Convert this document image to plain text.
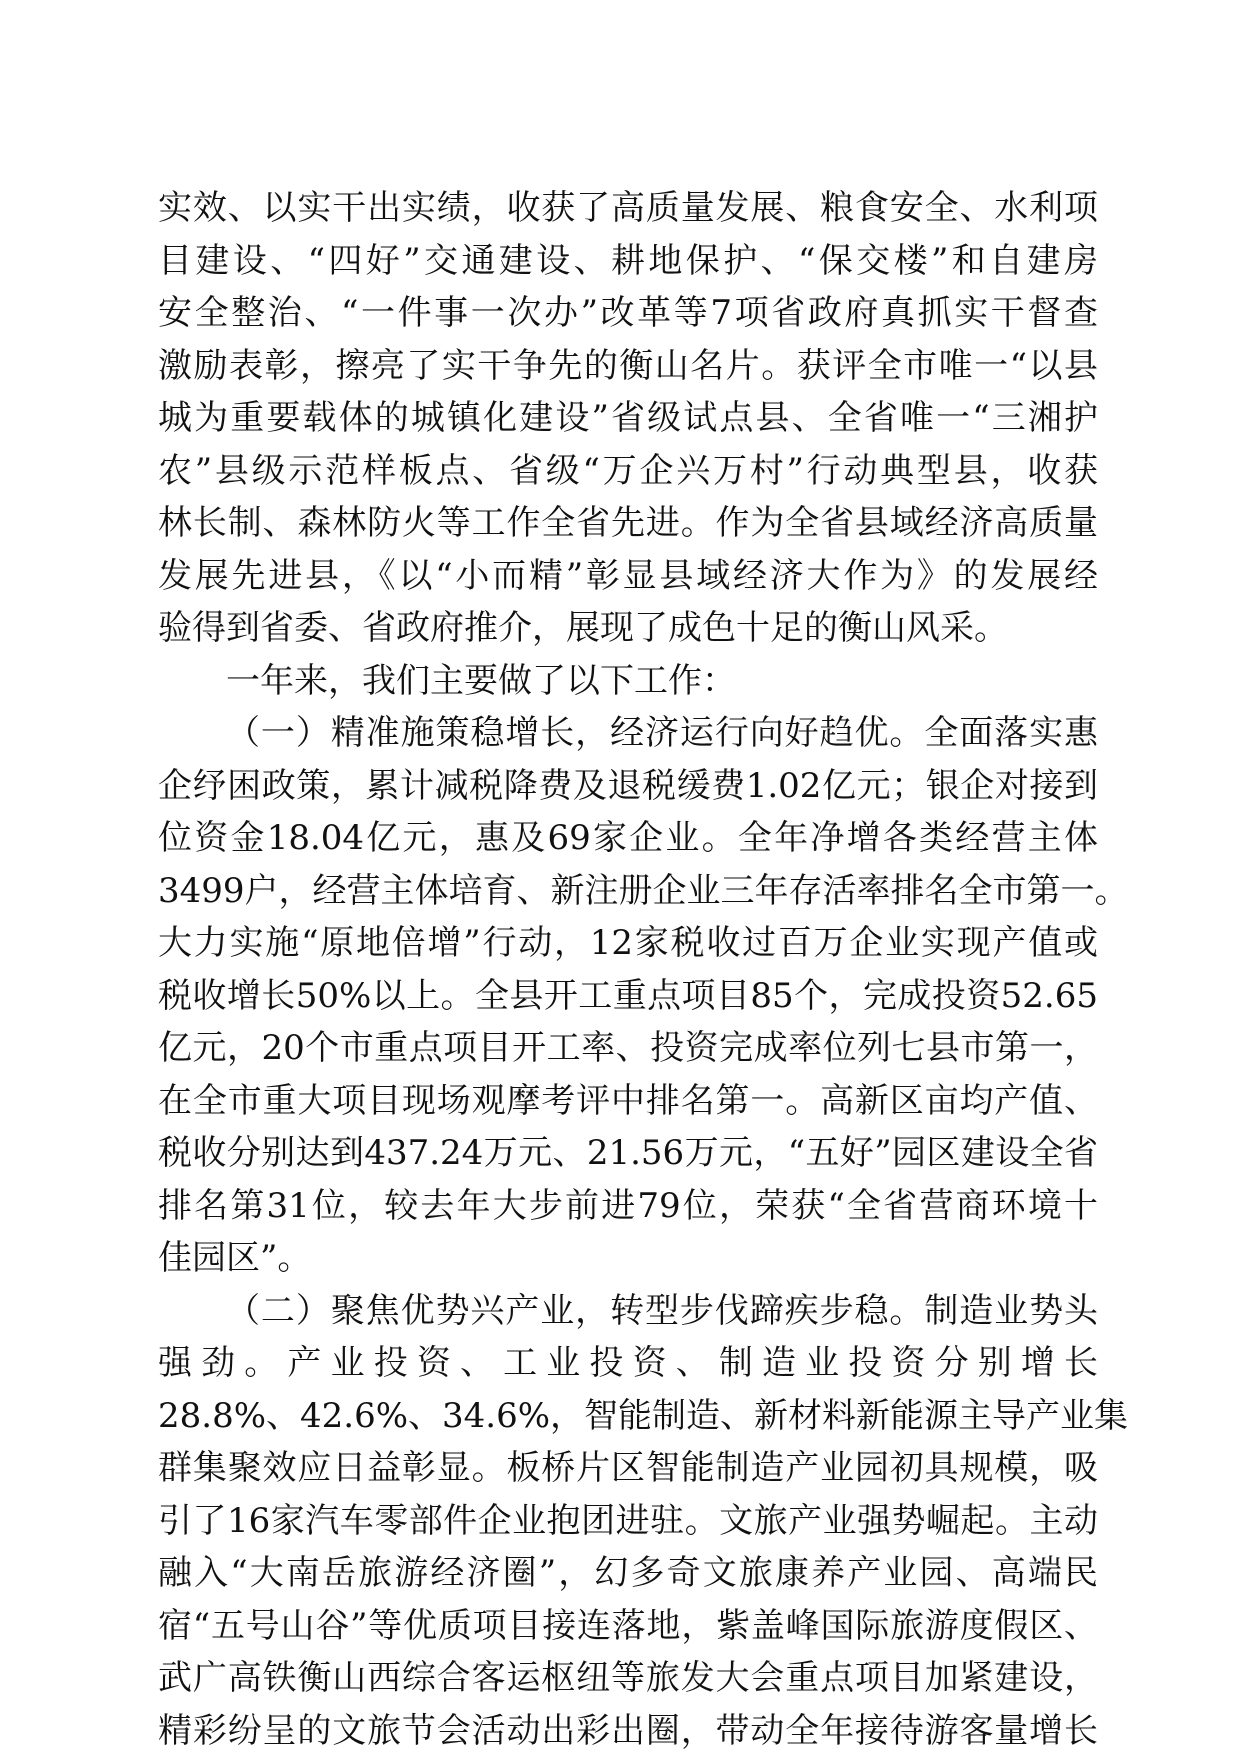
实效、以实干出实绩，收获了高质量发展、粮食安全、水利项
目建设、“四好”交通建设、耕地保护、“保交楼”和自建房
安全整治、“一件事一次办”改革等7项省政府真抓实干督查
激励表彰，擦亮了实干争先的衡山名片。获评全市唯一“以县
城为重要载体的城镇化建设”省级试点县、全省唯一“三湘护
农”县级示范样板点、省级“万企兴万村”行动典型县，收获
林长制、森林防火等工作全省先进。作为全省县域经济高质量
发展先进县，《以“小而精”彰显县域经济大作为》的发展经
验得到省委、省政府推介，展现了成色十足的衡山风采。
一年来，我们主要做了以下工作：
（一）精准施策稳增长，经济运行向好趋优。全面落实惠
企纾困政策，累计减税降费及退税缓费1.02亿元；银企对接到
位资金18.04亿元，惠及69家企业。全年净增各类经营主体
3499户，经营主体培育、新注册企业三年存活率排名全市第一。
大力实施“原地倍增”行动，12家税收过百万企业实现产值或
税收增长50%以上。全县开工重点项目85个，完成投资52.65
亿元，20个市重点项目开工率、投资完成率位列七县市第一，
在全市重大项目现场观摩考评中排名第一。高新区亩均产值、
税收分别达到437.24万元、21.56万元，“五好”园区建设全省
排名第31位，较去年大步前进79位，荣获“全省营商环境十
佳园区”。
（二）聚焦优势兴产业，转型步伐蹄疾步稳。制造业势头
强劲。产业投资、工业投资、制造业投资分别增长
28.8%、42.6%、34.6%，智能制造、新材料新能源主导产业集
群集聚效应日益彰显。板桥片区智能制造产业园初具规模，吸
引了16家汽车零部件企业抱团进驻。文旅产业强势崛起。主动
融入“大南岳旅游经济圈”，幻多奇文旅康养产业园、高端民
宿“五号山谷”等优质项目接连落地，紫盖峰国际旅游度假区、
武广高铁衡山西综合客运枢纽等旅发大会重点项目加紧建设，
精彩纷呈的文旅节会活动出彩出圈，带动全年接待游客量增长
